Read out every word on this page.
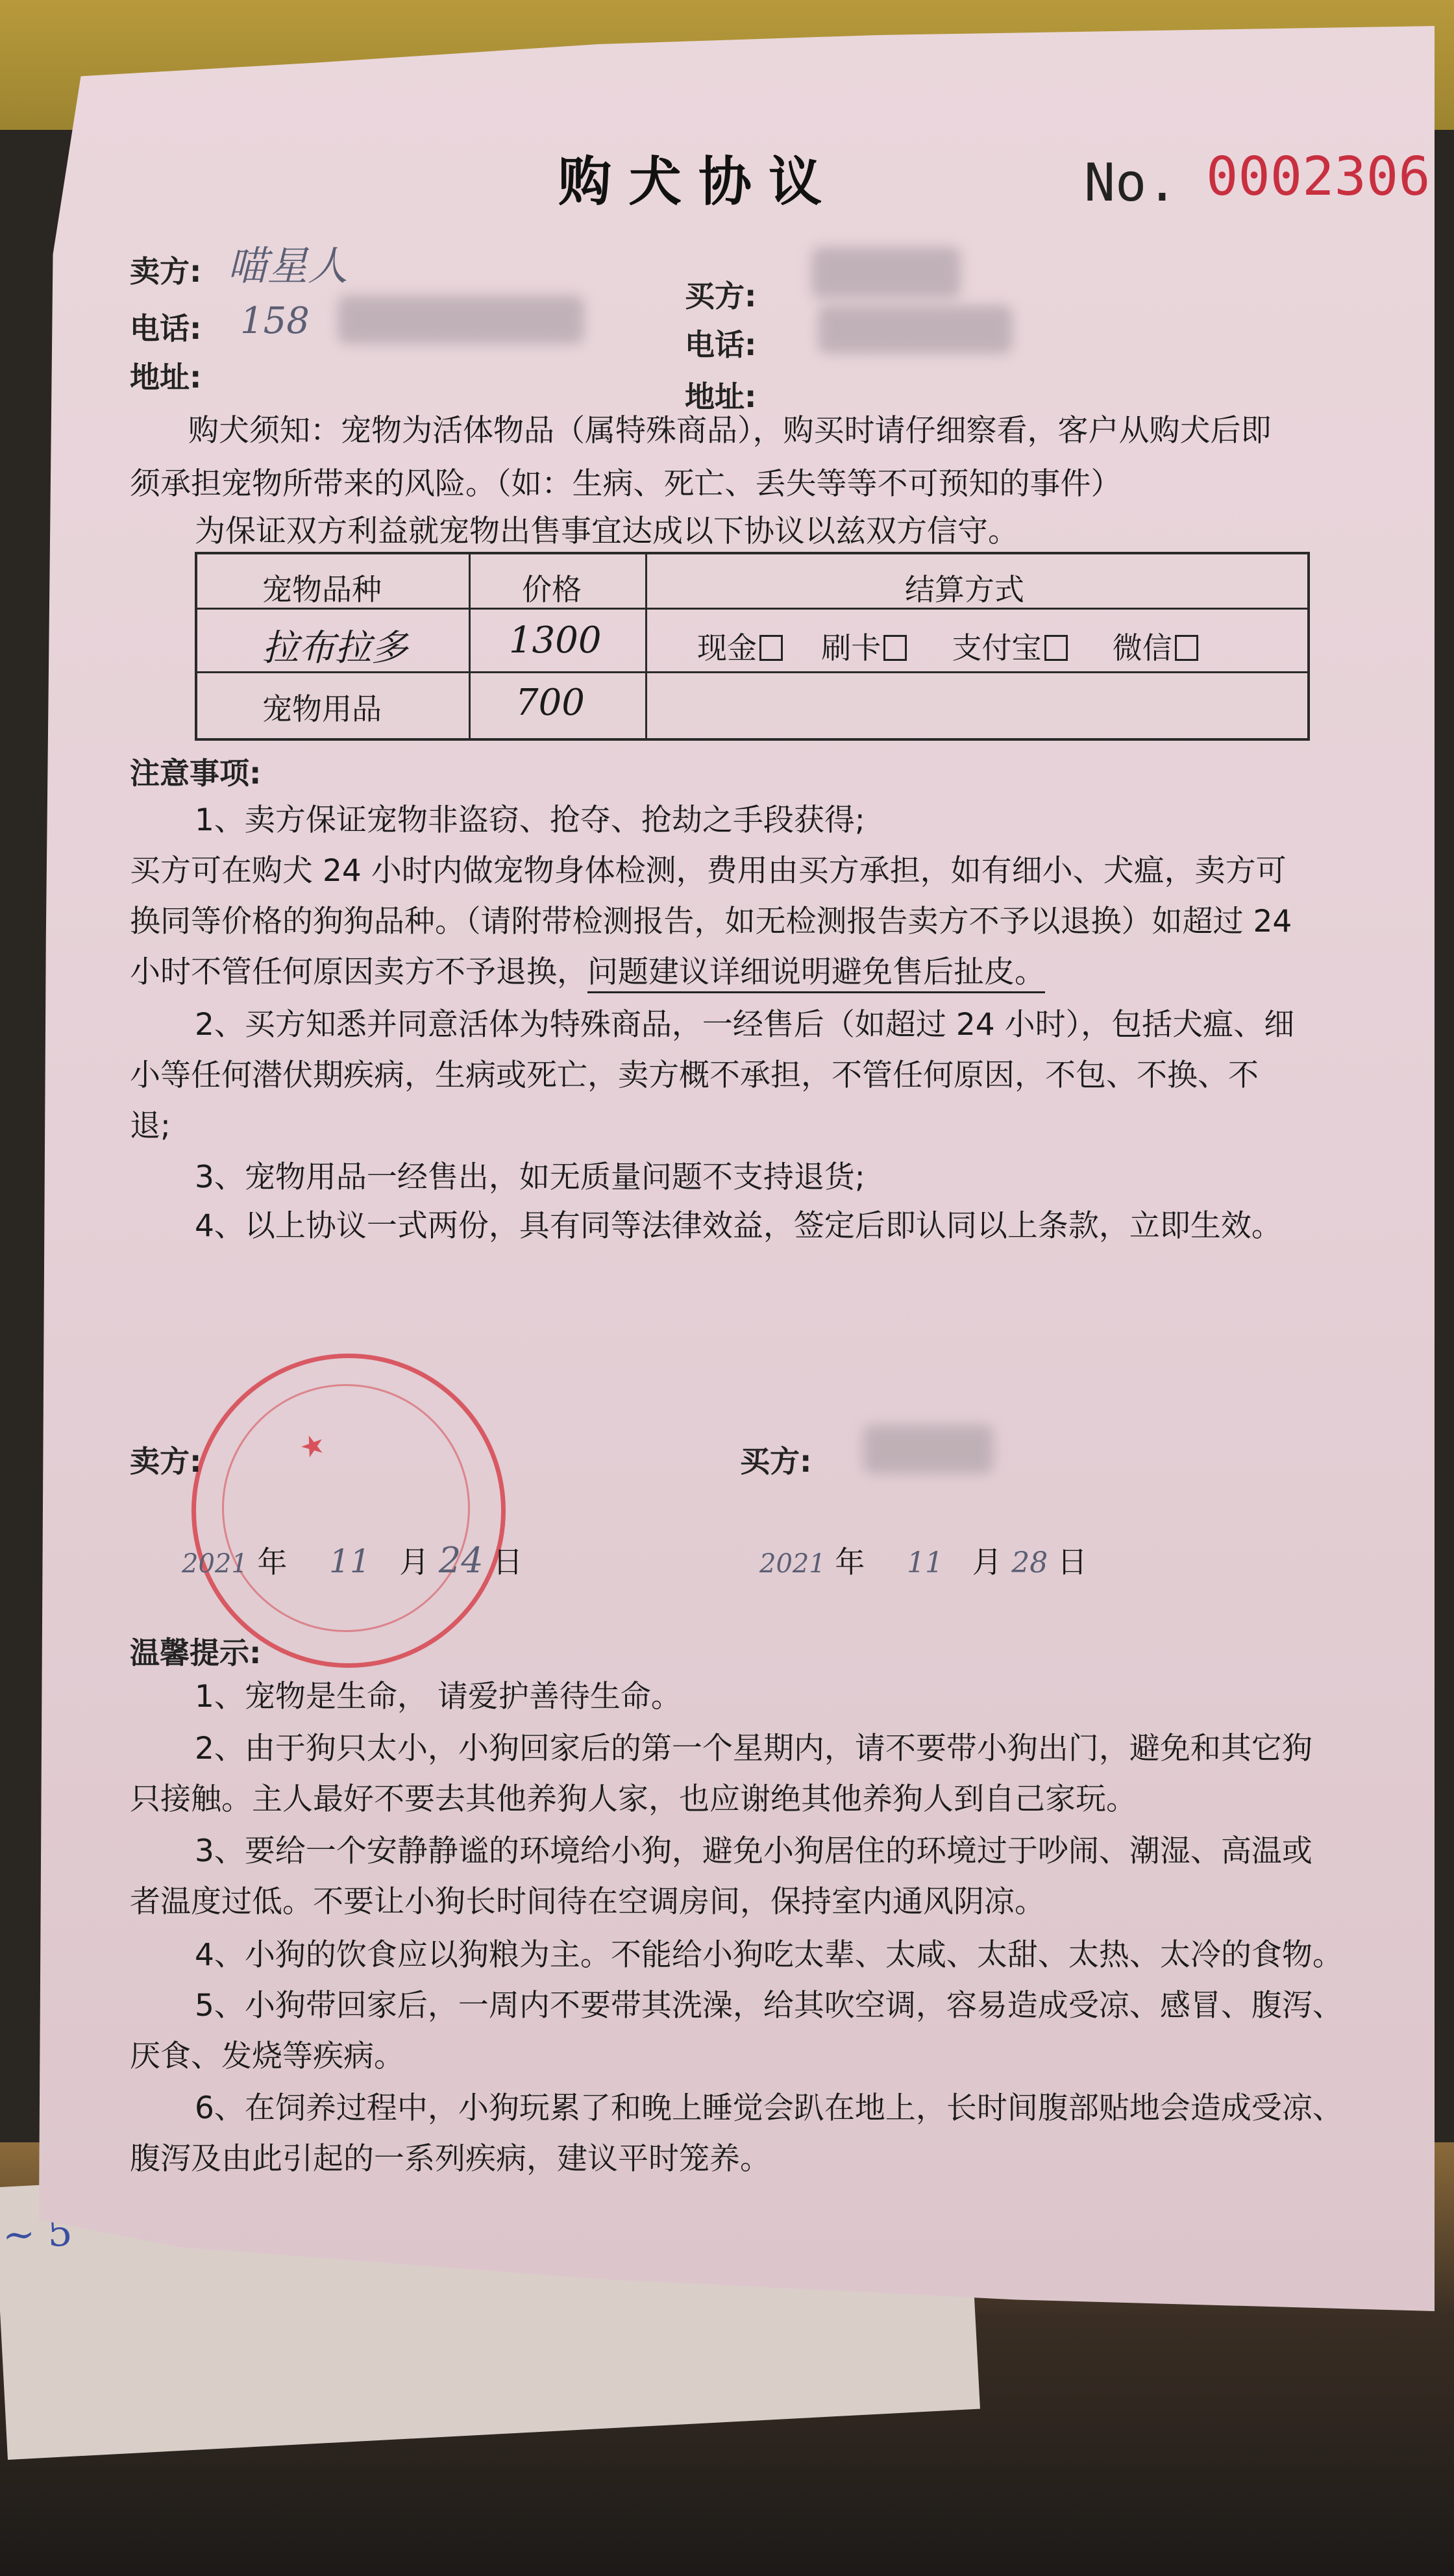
~ 5
购犬协议	No. 0002306
卖方: 喵星人
电话: 158
地址:
买方:
电话:
地址:
购犬须知：宠物为活体物品（属特殊商品），购买时请仔细察看，客户从购犬后即
须承担宠物所带来的风险。（如：生病、死亡、丢失等等不可预知的事件）
为保证双方利益就宠物出售事宜达成以下协议以兹双方信守。
宠物品种	价格	结算方式
拉布拉多	1300	现金 刷卡 支付宝 微信
宠物用品	700
注意事项:
1、卖方保证宠物非盗窃、抢夺、抢劫之手段获得;
买方可在购犬 24 小时内做宠物身体检测，费用由买方承担，如有细小、犬瘟，卖方可
换同等价格的狗狗品种。（请附带检测报告，如无检测报告卖方不予以退换）如超过 24
小时不管任何原因卖方不予退换，问题建议详细说明避免售后扯皮。
2、买方知悉并同意活体为特殊商品，一经售后（如超过 24 小时），包括犬瘟、细
小等任何潜伏期疾病，生病或死亡，卖方概不承担，不管任何原因，不包、不换、不
退;
3、宠物用品一经售出，如无质量问题不支持退货;
4、以上协议一式两份，具有同等法律效益，签定后即认同以上条款，立即生效。
★
卖方:	买方:
2021 年 11 月 24 日	2021 年 11 月 28 日
温馨提示:
1、宠物是生命， 请爱护善待生命。
2、由于狗只太小，小狗回家后的第一个星期内，请不要带小狗出门，避免和其它狗
只接触。主人最好不要去其他养狗人家，也应谢绝其他养狗人到自己家玩。
3、要给一个安静静谧的环境给小狗，避免小狗居住的环境过于吵闹、潮湿、高温或
者温度过低。不要让小狗长时间待在空调房间，保持室内通风阴凉。
4、小狗的饮食应以狗粮为主。不能给小狗吃太辈、太咸、太甜、太热、太冷的食物。
5、小狗带回家后，一周内不要带其洗澡，给其吹空调，容易造成受凉、感冒、腹泻、
厌食、发烧等疾病。
6、在饲养过程中，小狗玩累了和晚上睡觉会趴在地上，长时间腹部贴地会造成受凉、
腹泻及由此引起的一系列疾病，建议平时笼养。
